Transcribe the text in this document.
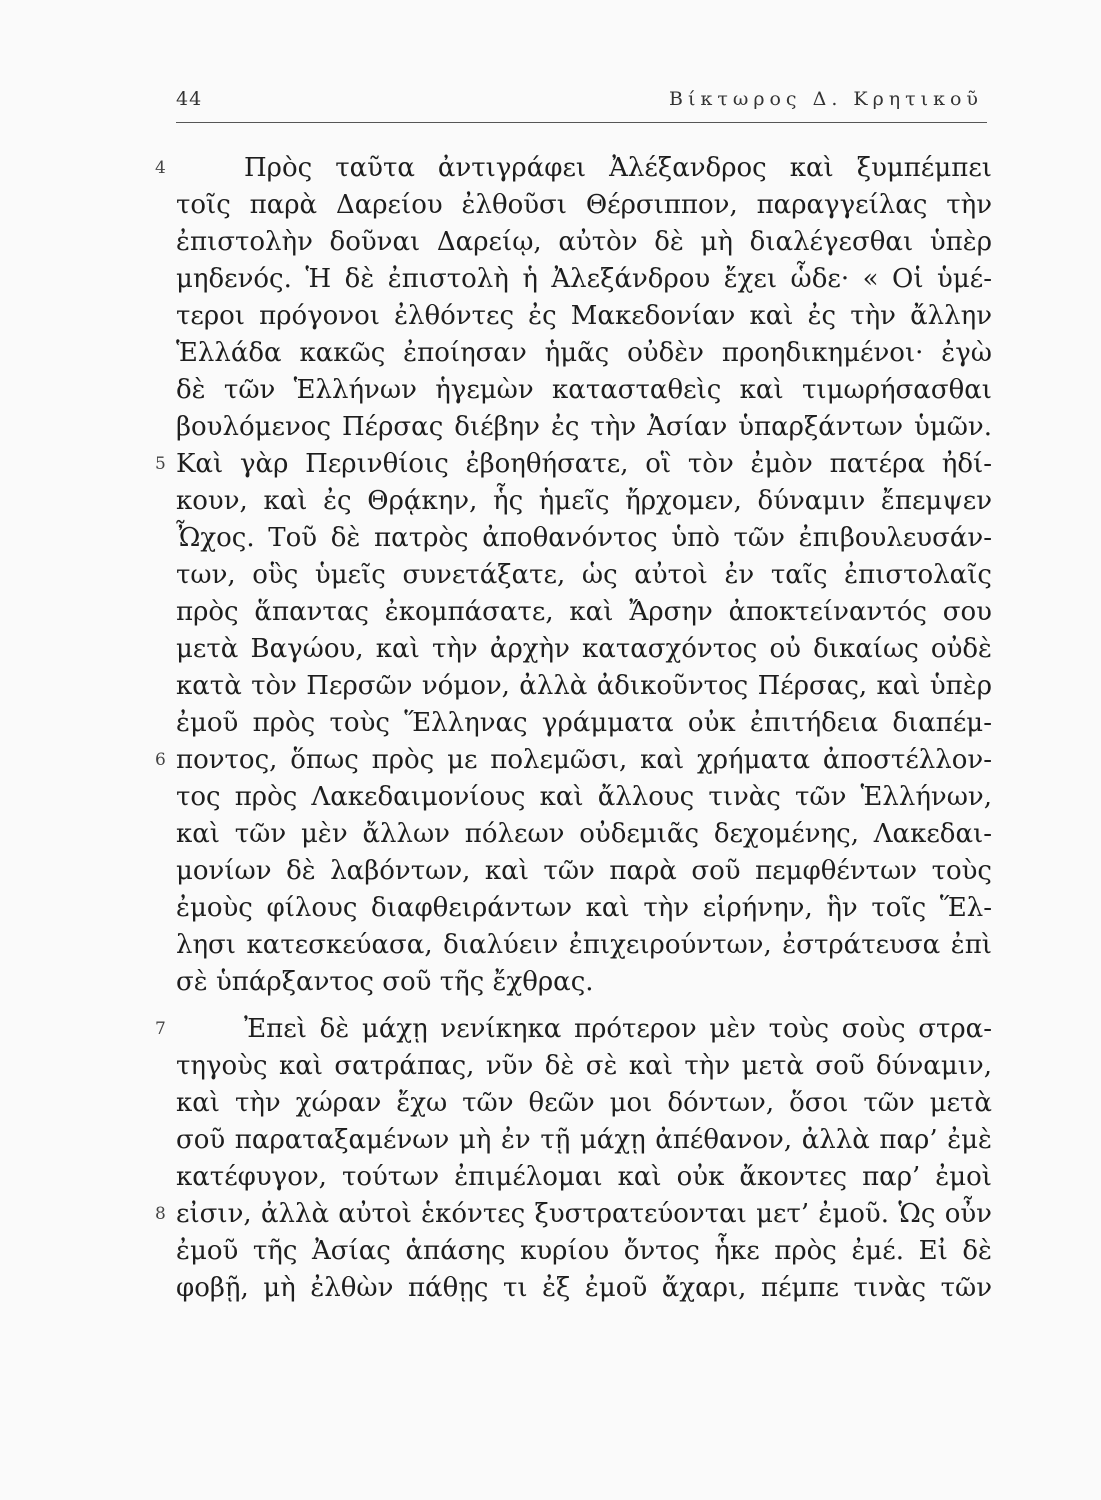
44	Βίκτωρος Δ. Κρητικοῦ
4	Πρὸς ταῦτα ἀντιγράφει Ἀλέξανδρος καὶ ξυμπέμπει
τοῖς παρὰ Δαρείου ἐλθοῦσι Θέρσιππον, παραγγείλας τὴν
ἐπιστολὴν δοῦναι Δαρείῳ, αὐτὸν δὲ μὴ διαλέγεσθαι ὑπὲρ
μηδενός. Ἡ δὲ ἐπιστολὴ ἡ Ἀλεξάνδρου ἔχει ὧδε· « Οἱ ὑμέ-
τεροι πρόγονοι ἐλθόντες ἐς Μακεδονίαν καὶ ἐς τὴν ἄλλην
Ἑλλάδα κακῶς ἐποίησαν ἡμᾶς οὐδὲν προηδικημένοι· ἐγὼ
δὲ τῶν Ἑλλήνων ἡγεμὼν κατασταθεὶς καὶ τιμωρήσασθαι
βουλόμενος Πέρσας διέβην ἐς τὴν Ἀσίαν ὑπαρξάντων ὑμῶν.
5 Καὶ γὰρ Περινθίοις ἐβοηθήσατε, οἳ τὸν ἐμὸν πατέρα ἠδί-
κουν, καὶ ἐς Θρᾴκην, ἧς ἡμεῖς ἤρχομεν, δύναμιν ἔπεμψεν
Ὦχος. Τοῦ δὲ πατρὸς ἀποθανόντος ὑπὸ τῶν ἐπιβουλευσάν-
των, οὓς ὑμεῖς συνετάξατε, ὡς αὐτοὶ ἐν ταῖς ἐπιστολαῖς
πρὸς ἅπαντας ἐκομπάσατε, καὶ Ἄρσην ἀποκτείναντός σου
μετὰ Βαγώου, καὶ τὴν ἀρχὴν κατασχόντος οὐ δικαίως οὐδὲ
κατὰ τὸν Περσῶν νόμον, ἀλλὰ ἀδικοῦντος Πέρσας, καὶ ὑπὲρ
ἐμοῦ πρὸς τοὺς Ἕλληνας γράμματα οὐκ ἐπιτήδεια διαπέμ-
6 ποντος, ὅπως πρὸς με πολεμῶσι, καὶ χρήματα ἀποστέλλον-
τος πρὸς Λακεδαιμονίους καὶ ἄλλους τινὰς τῶν Ἑλλήνων,
καὶ τῶν μὲν ἄλλων πόλεων οὐδεμιᾶς δεχομένης, Λακεδαι-
μονίων δὲ λαβόντων, καὶ τῶν παρὰ σοῦ πεμφθέντων τοὺς
ἐμοὺς φίλους διαφθειράντων καὶ τὴν εἰρήνην, ἣν τοῖς Ἕλ-
λησι κατεσκεύασα, διαλύειν ἐπιχειρούντων, ἐστράτευσα ἐπὶ
σὲ ὑπάρξαντος σοῦ τῆς ἔχθρας.
7	Ἐπεὶ δὲ μάχῃ νενίκηκα πρότερον μὲν τοὺς σοὺς στρα-
τηγοὺς καὶ σατράπας, νῦν δὲ σὲ καὶ τὴν μετὰ σοῦ δύναμιν,
καὶ τὴν χώραν ἔχω τῶν θεῶν μοι δόντων, ὅσοι τῶν μετὰ
σοῦ παραταξαμένων μὴ ἐν τῇ μάχῃ ἀπέθανον, ἀλλὰ παρ’ ἐμὲ
κατέφυγον, τούτων ἐπιμέλομαι καὶ οὐκ ἄκοντες παρ’ ἐμοὶ
8 εἰσιν, ἀλλὰ αὐτοὶ ἑκόντες ξυστρατεύονται μετ’ ἐμοῦ. Ὡς οὖν
ἐμοῦ τῆς Ἀσίας ἁπάσης κυρίου ὄντος ἧκε πρὸς ἐμέ. Εἰ δὲ
φοβῇ, μὴ ἐλθὼν πάθῃς τι ἐξ ἐμοῦ ἄχαρι, πέμπε τινὰς τῶν
